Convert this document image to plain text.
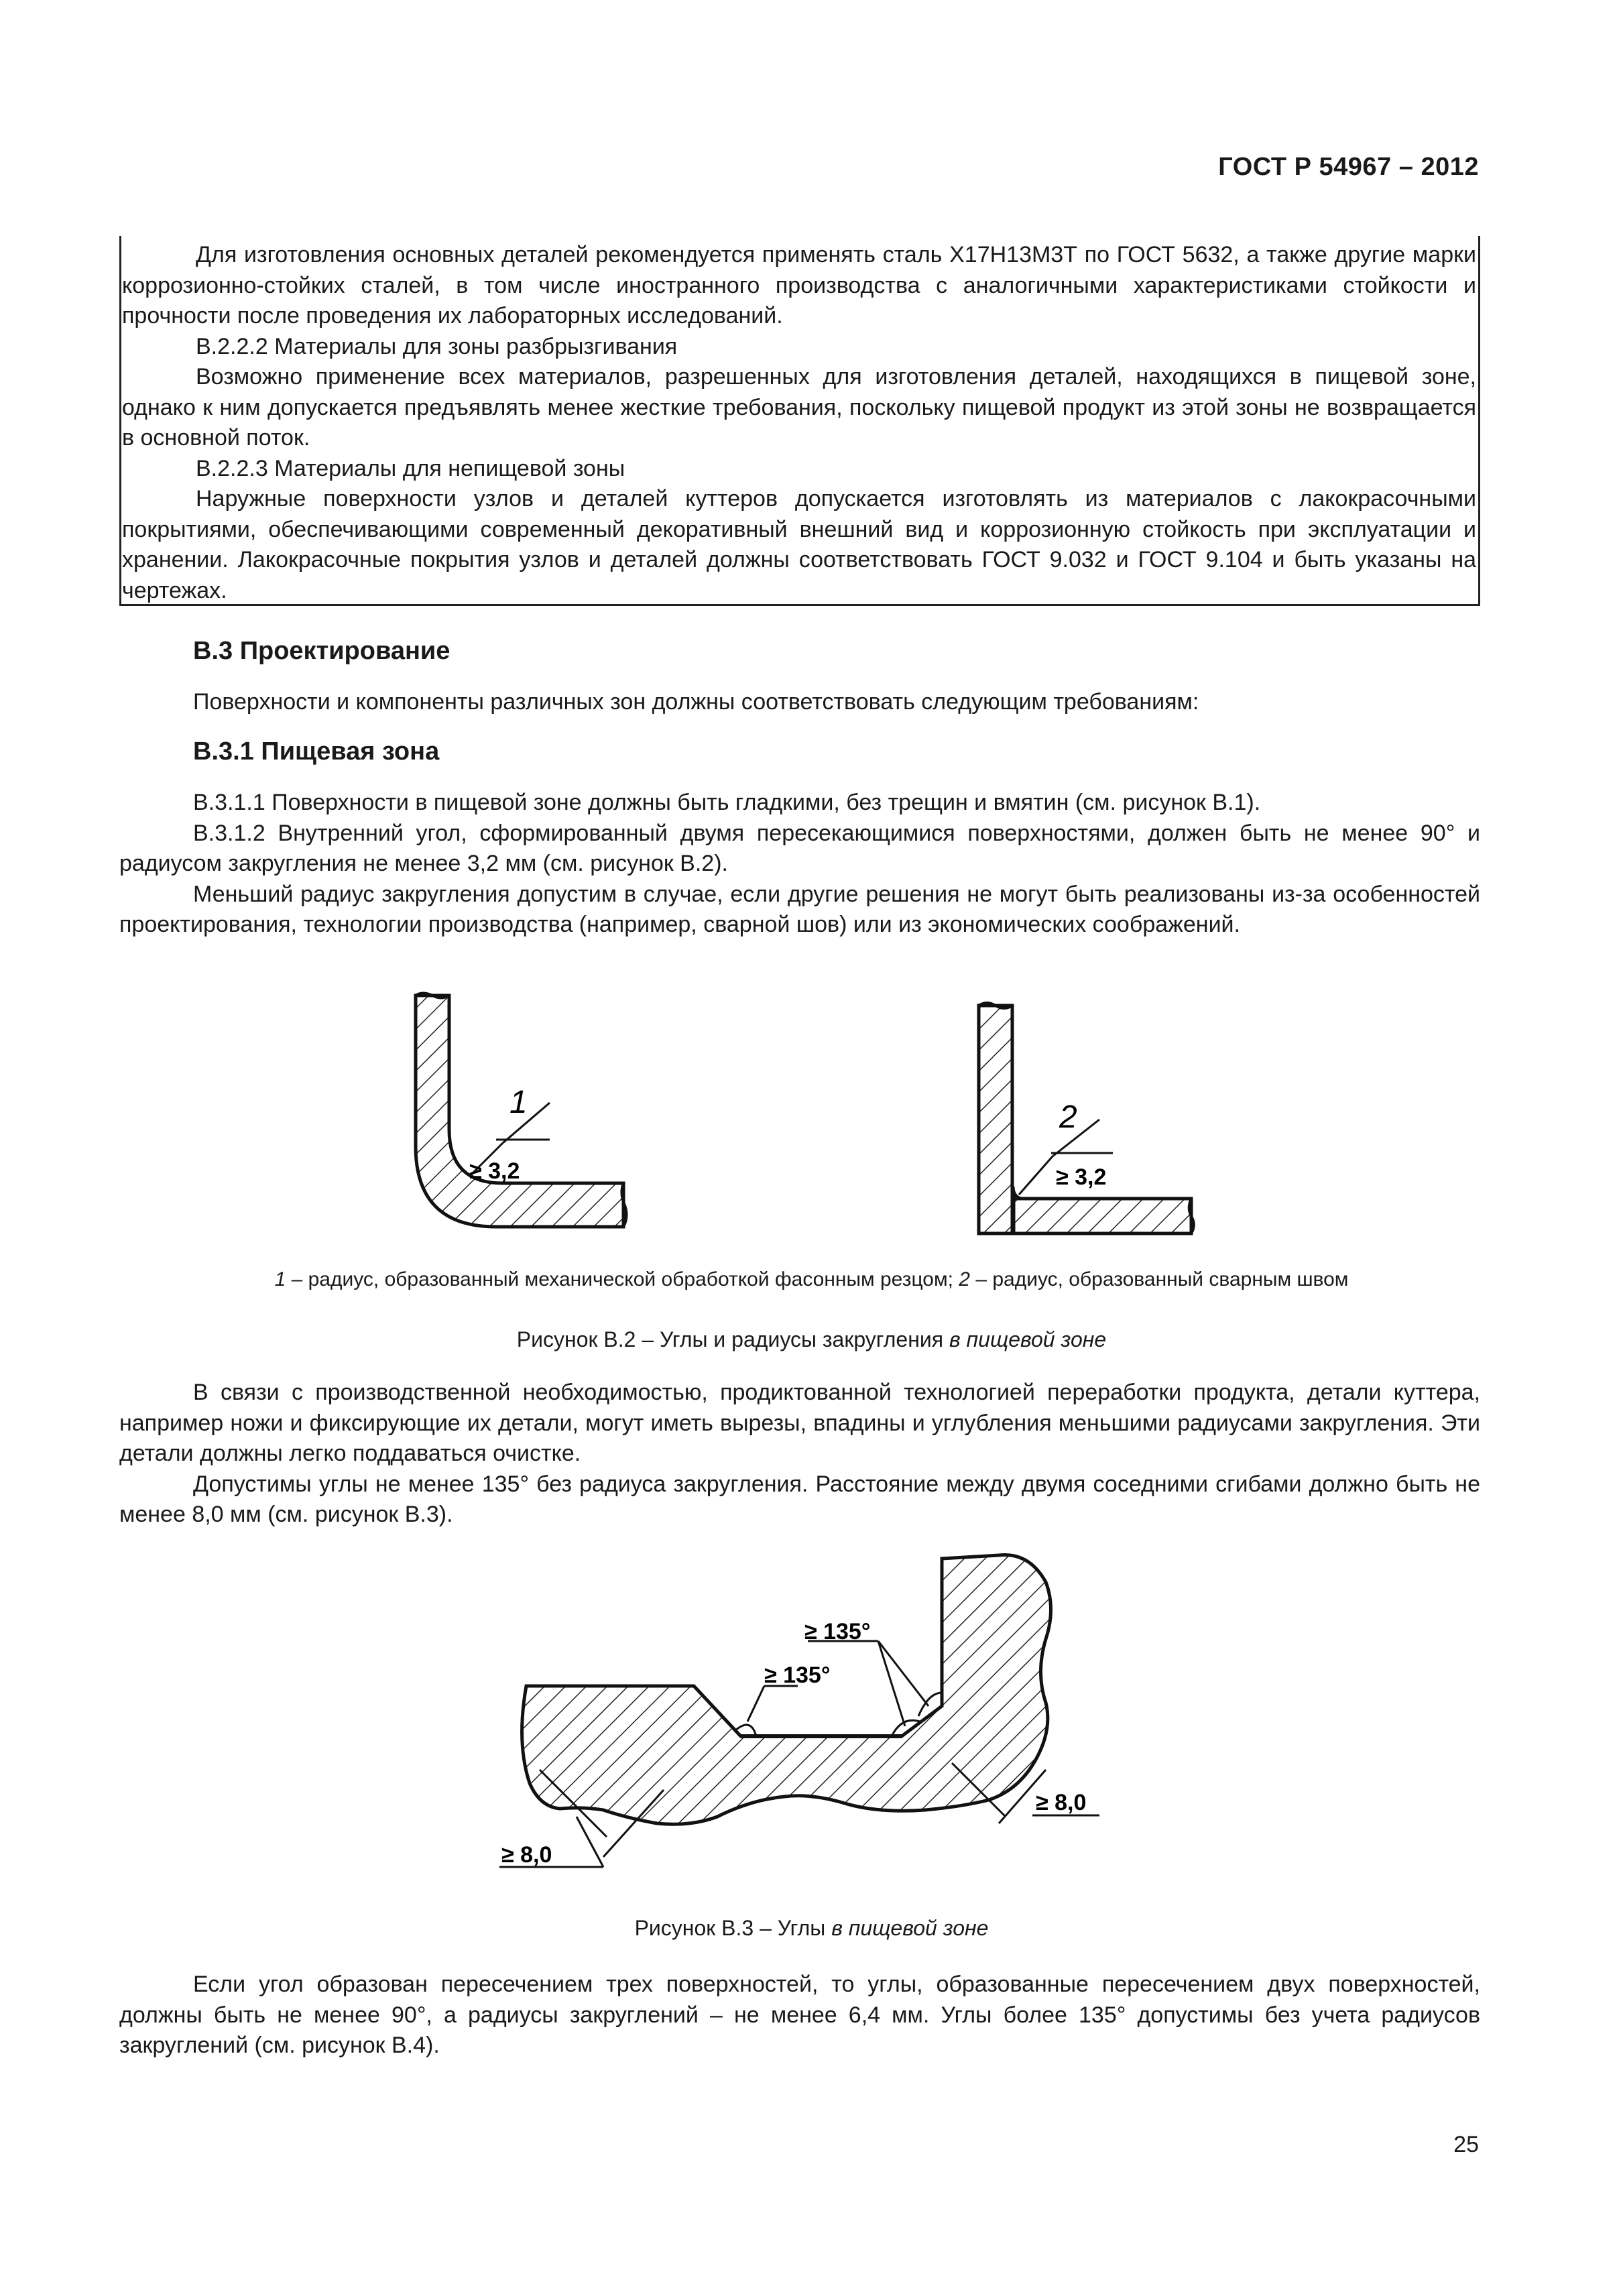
ГОСТ Р 54967 – 2012

Для изготовления основных деталей рекомендуется применять сталь Х17Н13М3Т по ГОСТ 5632, а также другие марки коррозионно-стойких сталей, в том числе иностранного производства с аналогичными характеристиками стойкости и прочности после проведения их лабораторных исследований.

В.2.2.2 Материалы для зоны разбрызгивания

Возможно применение всех материалов, разрешенных для изготовления деталей, находящихся в пищевой зоне, однако к ним допускается предъявлять менее жесткие требования, поскольку пищевой продукт из этой зоны не возвращается в основной поток.

В.2.2.3 Материалы для непищевой зоны

Наружные поверхности узлов и деталей куттеров допускается изготовлять из материалов с лакокрасочными покрытиями, обеспечивающими современный декоративный внешний вид и коррозионную стойкость при эксплуатации и хранении. Лакокрасочные покрытия узлов и деталей должны соответствовать ГОСТ 9.032 и ГОСТ 9.104 и быть указаны на чертежах.

В.3 Проектирование
Поверхности и компоненты различных зон должны соответствовать следующим требованиям:
В.3.1 Пищевая зона

В.3.1.1 Поверхности в пищевой зоне должны быть гладкими, без трещин и вмятин (см. рисунок В.1).

В.3.1.2 Внутренний угол, сформированный двумя пересекающимися поверхностями, должен быть не менее 90° и радиусом закругления не менее 3,2 мм (см. рисунок В.2).

Меньший радиус закругления допустим в случае, если другие решения не могут быть реализованы из-за особенностей проектирования, технологии производства (например, сварной шов) или из экономических соображений.

1
≥ 3,2
2
≥ 3,2
1 – радиус, образованный механической обработкой фасонным резцом; 2 – радиус, образованный сварным швом
Рисунок В.2 – Углы и радиусы закругления в пищевой зоне

В связи с производственной необходимостью, продиктованной технологией переработки продукта, детали куттера, например ножи и фиксирующие их детали, могут иметь вырезы, впадины и углубления меньшими радиусами закругления. Эти детали должны легко поддаваться очистке.

Допустимы углы не менее 135° без радиуса закругления. Расстояние между двумя соседними сгибами должно быть не менее 8,0 мм (см. рисунок В.3).

≥ 135°
≥ 135°
≥ 8,0
≥ 8,0
Рисунок В.3 – Углы в пищевой зоне

Если угол образован пересечением трех поверхностей, то углы, образованные пересечением двух поверхностей, должны быть не менее 90°, а радиусы закруглений – не менее 6,4 мм. Углы более 135° допустимы без учета радиусов закруглений (см. рисунок В.4).

25
